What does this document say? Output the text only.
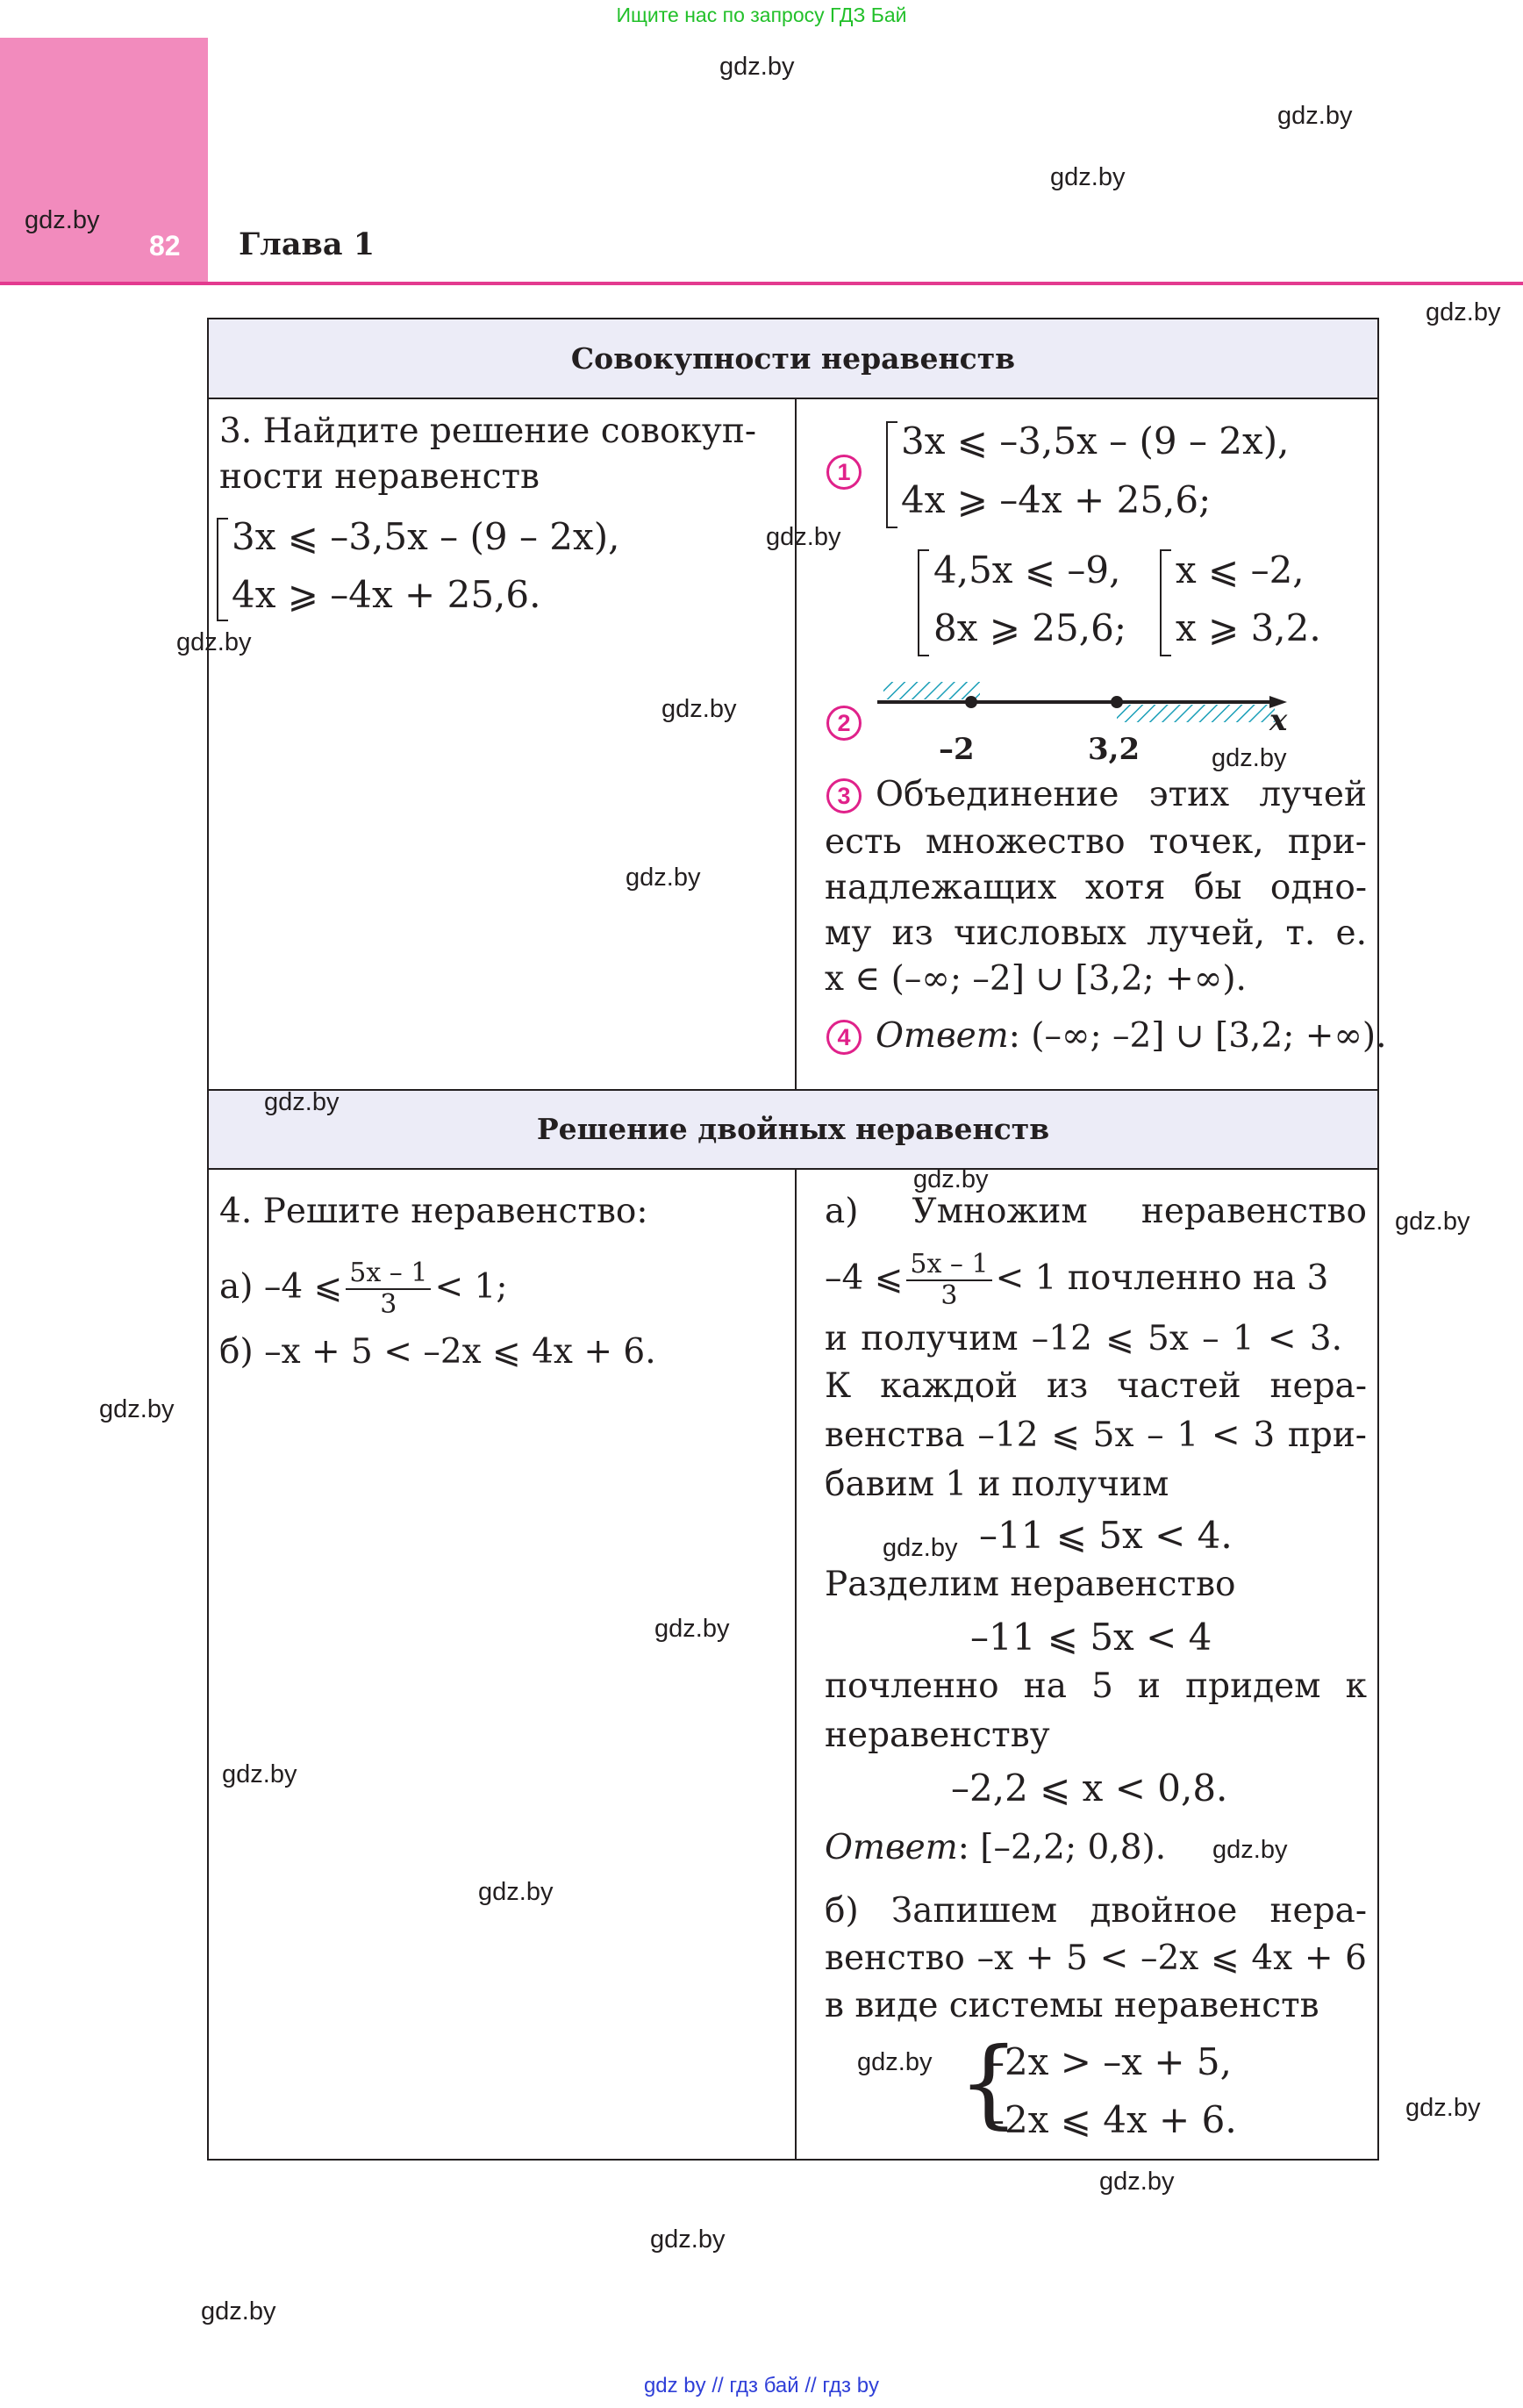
Ищите нас по запросу ГДЗ Бай
82 Глава 1
Совокупности неравенств
Решение двойных неравенств
3. Найдите решение совокуп-
ности неравенств
3x ⩽ –3,5x – (9 – 2x),
4x ⩾ –4x + 25,6.
1
3x ⩽ –3,5x – (9 – 2x),
4x ⩾ –4x + 25,6;
4,5x ⩽ –9,
8x ⩾ 25,6;
x ⩽ –2,
x ⩾ 3,2.
2	x
–2	3,2
3 Объединение этих лучей
есть множество точек, при-
надлежащих хотя бы одно-
му из числовых лучей, т. е.
x ∈ (–∞; –2] ∪ [3,2; +∞).
4 Ответ: (–∞; –2] ∪ [3,2; +∞).
4. Решите неравенство:
а) –4 ⩽ $\frac{5x - 1}{3} < 1$;
б) –x + 5 < –2x ⩽ 4x + 6.
а) Умножим неравенство
–4 ⩽ $\frac{5x - 1}{3} < 1$ почленно на 3
и получим –12 ⩽ 5x – 1 < 3.
К каждой из частей нера-
венства –12 ⩽ 5x – 1 < 3 при-
бавим 1 и получим
–11 ⩽ 5x < 4.
Разделим неравенство
–11 ⩽ 5x < 4
почленно на 5 и придем к
неравенству
–2,2 ⩽ x < 0,8.
Ответ: [–2,2; 0,8).
б) Запишем двойное нера-
венство –x + 5 < –2x ⩽ 4x + 6
в виде системы неравенств
{
–2x > –x + 5,
–2x ⩽ 4x + 6.
gdz.by
gdz.by
gdz.by
gdz.by
gdz.by
gdz.by
gdz.by
gdz.by
gdz.by
gdz.by
gdz.by
gdz.by
gdz.by
gdz.by
gdz.by
gdz.by
gdz.by
gdz.by
gdz.by
gdz.by
gdz.by
gdz.by
gdz.by
gdz.by
gdz by // гдз бай // гдз by
